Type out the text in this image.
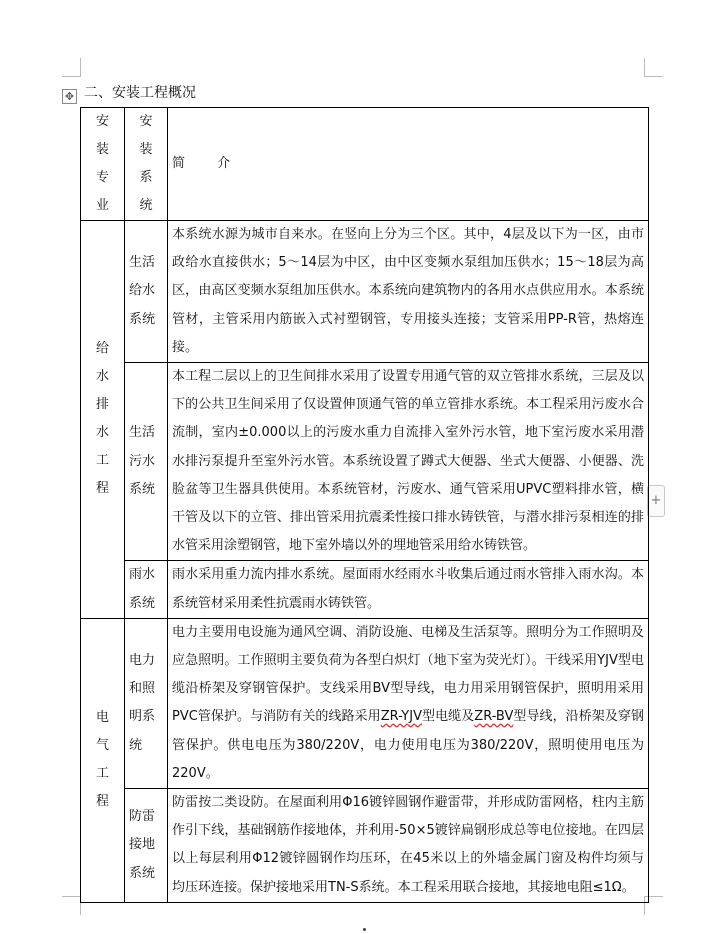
✥
+
二、安装工程概况
安装专业	安装系统	简 介

给水排水工程	生活给水系统	本系统水源为城市自来水。在竖向上分为三个区。其中，4层及以下为一区，由市政给水直接供水；5～14层为中区，由中区变频水泵组加压供水；15～18层为高区，由高区变频水泵组加压供水。本系统向建筑物内的各用水点供应用水。本系统管材，主管采用内筋嵌入式衬塑钢管，专用接头连接；支管采用PP-R管，热熔连接。
	生活污水系统	本工程二层以上的卫生间排水采用了设置专用通气管的双立管排水系统，三层及以下的公共卫生间采用了仅设置伸顶通气管的单立管排水系统。本工程采用污废水合流制，室内±0.000以上的污废水重力自流排入室外污水管，地下室污废水采用潜水排污泵提升至室外污水管。本系统设置了蹲式大便器、坐式大便器、小便器、洗脸盆等卫生器具供使用。本系统管材，污废水、通气管采用UPVC塑料排水管，横干管及以下的立管、排出管采用抗震柔性接口排水铸铁管，与潜水排污泵相连的排水管采用涂塑钢管，地下室外墙以外的埋地管采用给水铸铁管。
	雨水系统	雨水采用重力流内排水系统。屋面雨水经雨水斗收集后通过雨水管排入雨水沟。本系统管材采用柔性抗震雨水铸铁管。

电气工程	电力和照明系统	电力主要用电设施为通风空调、消防设施、电梯及生活泵等。照明分为工作照明及应急照明。工作照明主要负荷为各型白炽灯（地下室为荧光灯）。干线采用YJV型电缆沿桥架及穿钢管保护。支线采用BV型导线，电力用采用钢管保护，照明用采用PVC管保护。与消防有关的线路采用ZR-YJV型电缆及ZR-BV型导线，沿桥架及穿钢管保护。供电电压为380/220V，电力使用电压为380/220V，照明使用电压为220V。
	防雷接地系统	防雷按二类设防。在屋面利用Φ16镀锌圆钢作避雷带，并形成防雷网格，柱内主筋作引下线，基础钢筋作接地体，并利用-50×5镀锌扁钢形成总等电位接地。在四层以上每层利用Φ12镀锌圆钢作均压环，在45米以上的外墙金属门窗及构件均须与均压环连接。保护接地采用TN-S系统。本工程采用联合接地，其接地电阻≤1Ω。
